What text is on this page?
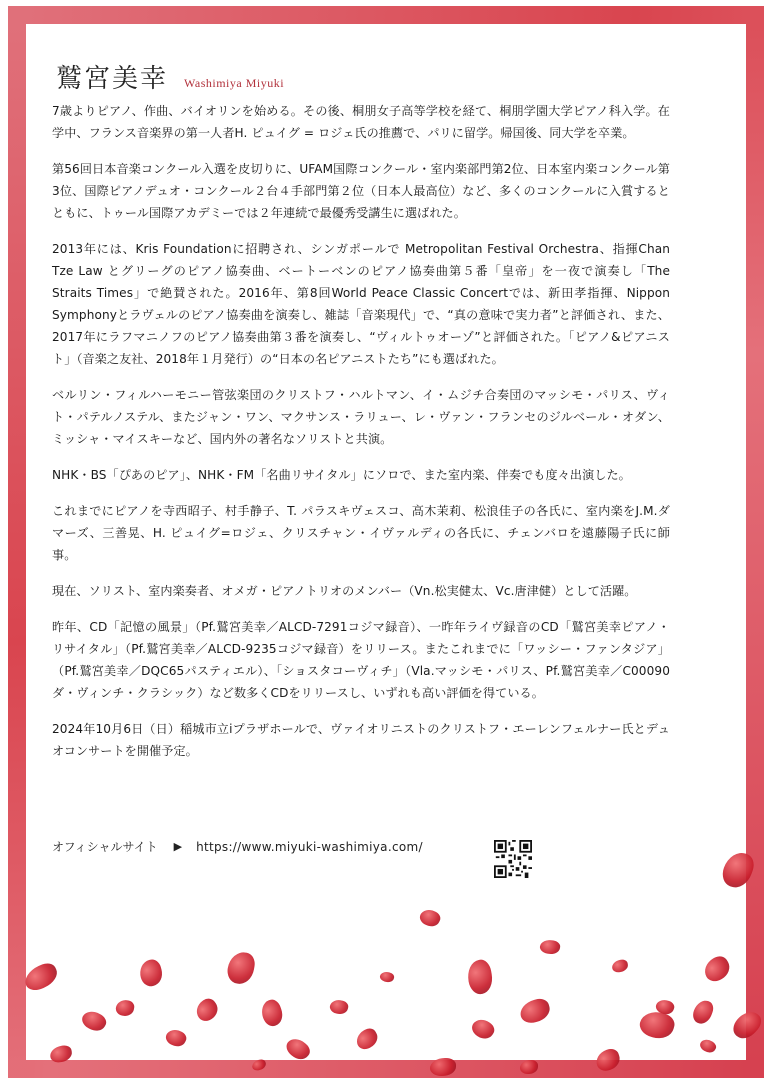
鷲宮美幸 Washimiya Miyuki

7歳よりピアノ、作曲、バイオリンを始める。その後、桐朋女子高等学校を経て、桐朋学園大学ピアノ科入学。在学中、フランス音楽界の第一人者H. ピュイグ = ロジェ氏の推薦で、パリに留学。帰国後、同大学を卒業。

第56回日本音楽コンクール入選を皮切りに、UFAM国際コンクール・室内楽部門第2位、日本室内楽コンクール第3位、国際ピアノデュオ・コンクール２台４手部門第２位（日本人最高位）など、多くのコンクールに入賞するとともに、トゥール国際アカデミーでは２年連続で最優秀受講生に選ばれた。

2013年には、Kris Foundationに招聘され、シンガポールで Metropolitan Festival Orchestra、指揮Chan Tze Law とグリーグのピアノ協奏曲、ベートーベンのピアノ協奏曲第５番「皇帝」を一夜で演奏し「The Straits Times」で絶賛された。2016年、第8回World Peace Classic Concertでは、新田孝指揮、Nippon Symphonyとラヴェルのピアノ協奏曲を演奏し、雑誌「音楽現代」で、“真の意味で実力者”と評価され、また、2017年にラフマニノフのピアノ協奏曲第３番を演奏し、“ヴィルトゥオーゾ”と評価された。「ピアノ&ピアニスト」（音楽之友社、2018年１月発行）の“日本の名ピアニストたち”にも選ばれた。

ベルリン・フィルハーモニー管弦楽団のクリストフ・ハルトマン、イ・ムジチ合奏団のマッシモ・パリス、ヴィト・パテルノステル、またジャン・ワン、マクサンス・ラリュー、レ・ヴァン・フランセのジルベール・オダン、ミッシャ・マイスキーなど、国内外の著名なソリストと共演。

NHK・BS「ぴあのピア」、NHK・FM「名曲リサイタル」にソロで、また室内楽、伴奏でも度々出演した。

これまでにピアノを寺西昭子、村手静子、T. パラスキヴェスコ、高木茉莉、松浪佳子の各氏に、室内楽をJ.M.ダマーズ、三善晃、H. ピュイグ=ロジェ、クリスチャン・イヴァルディの各氏に、チェンバロを遠藤陽子氏に師事。

現在、ソリスト、室内楽奏者、オメガ・ピアノトリオのメンバー（Vn.松実健太、Vc.唐津健）として活躍。

昨年、CD「記憶の風景」（Pf.鷲宮美幸／ALCD-7291コジマ録音）、一昨年ライヴ録音のCD「鷲宮美幸ピアノ・リサイタル」（Pf.鷲宮美幸／ALCD-9235コジマ録音）をリリース。またこれまでに「ワッシー・ファンタジア」（Pf.鷲宮美幸／DQC65パスティエル）、「ショスタコーヴィチ」（Vla.マッシモ・パリス、Pf.鷲宮美幸／C00090ダ・ヴィンチ・クラシック）など数多くCDをリリースし、いずれも高い評価を得ている。

2024年10月6日（日）稲城市立iプラザホールで、ヴァイオリニストのクリストフ・エーレンフェルナー氏とデュオコンサートを開催予定。

オフィシャルサイト ▶ https://www.miyuki-washimiya.com/
